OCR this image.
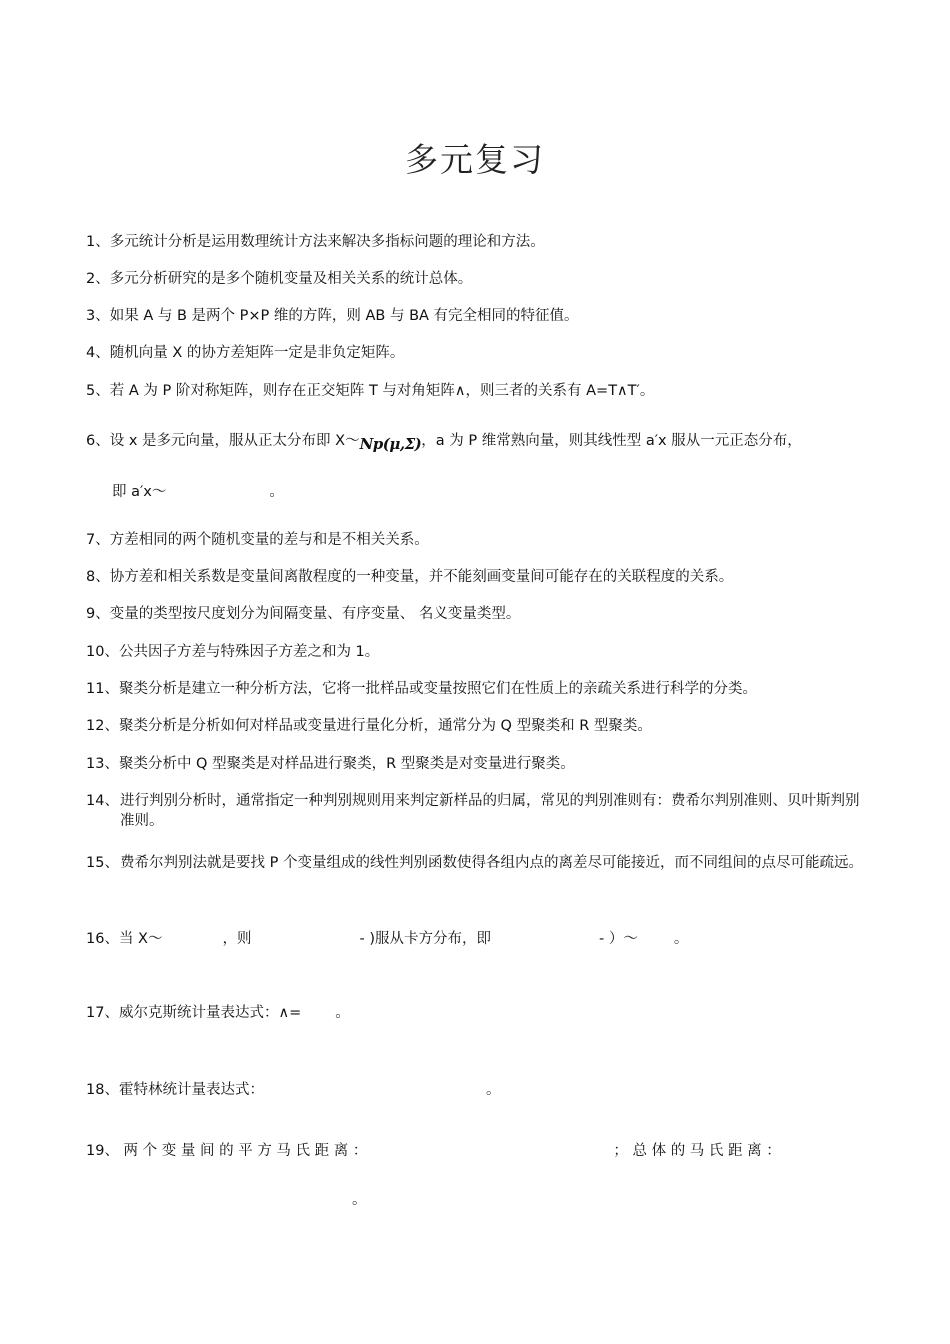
多元复习
1、多元统计分析是运用数理统计方法来解决多指标问题的理论和方法。
2、多元分析研究的是多个随机变量及相关关系的统计总体。
3、如果 A 与 B 是两个 P×P 维的方阵，则 AB 与 BA 有完全相同的特征值。
4、随机向量 X 的协方差矩阵一定是非负定矩阵。
5、若 A 为 P 阶对称矩阵，则存在正交矩阵 T 与对角矩阵∧，则三者的关系有 A=T∧T′。
6、设 x 是多元向量，服从正太分布即 X～Np(μ,Σ)，a 为 P 维常熟向量，则其线性型 a′x 服从一元正态分布，
即 a′x～	。
7、方差相同的两个随机变量的差与和是不相关关系。
8、协方差和相关系数是变量间离散程度的一种变量，并不能刻画变量间可能存在的关联程度的关系。
9、变量的类型按尺度划分为间隔变量、有序变量、 名义变量类型。
10、公共因子方差与特殊因子方差之和为 1。
11、聚类分析是建立一种分析方法，它将一批样品或变量按照它们在性质上的亲疏关系进行科学的分类。
12、聚类分析是分析如何对样品或变量进行量化分析，通常分为 Q 型聚类和 R 型聚类。
13、聚类分析中 Q 型聚类是对样品进行聚类，R 型聚类是对变量进行聚类。
14、 进行判别分析时，通常指定一种判别规则用来判定新样品的归属，常见的判别准则有：费希尔判别准则、贝叶斯判别准则。
15、 费希尔判别法就是要找 P 个变量组成的线性判别函数使得各组内点的离差尽可能接近，而不同组间的点尽可能疏远。
16、当 X～	，则	- )服从卡方分布，即	- ）～ 。
17、威尔克斯统计量表达式：∧= 。
18、霍特林统计量表达式：	。
19、 两 个 变 量 间 的 平 方 马 氏 距 离 ：	； 总 体 的 马 氏 距 离 ：
。
